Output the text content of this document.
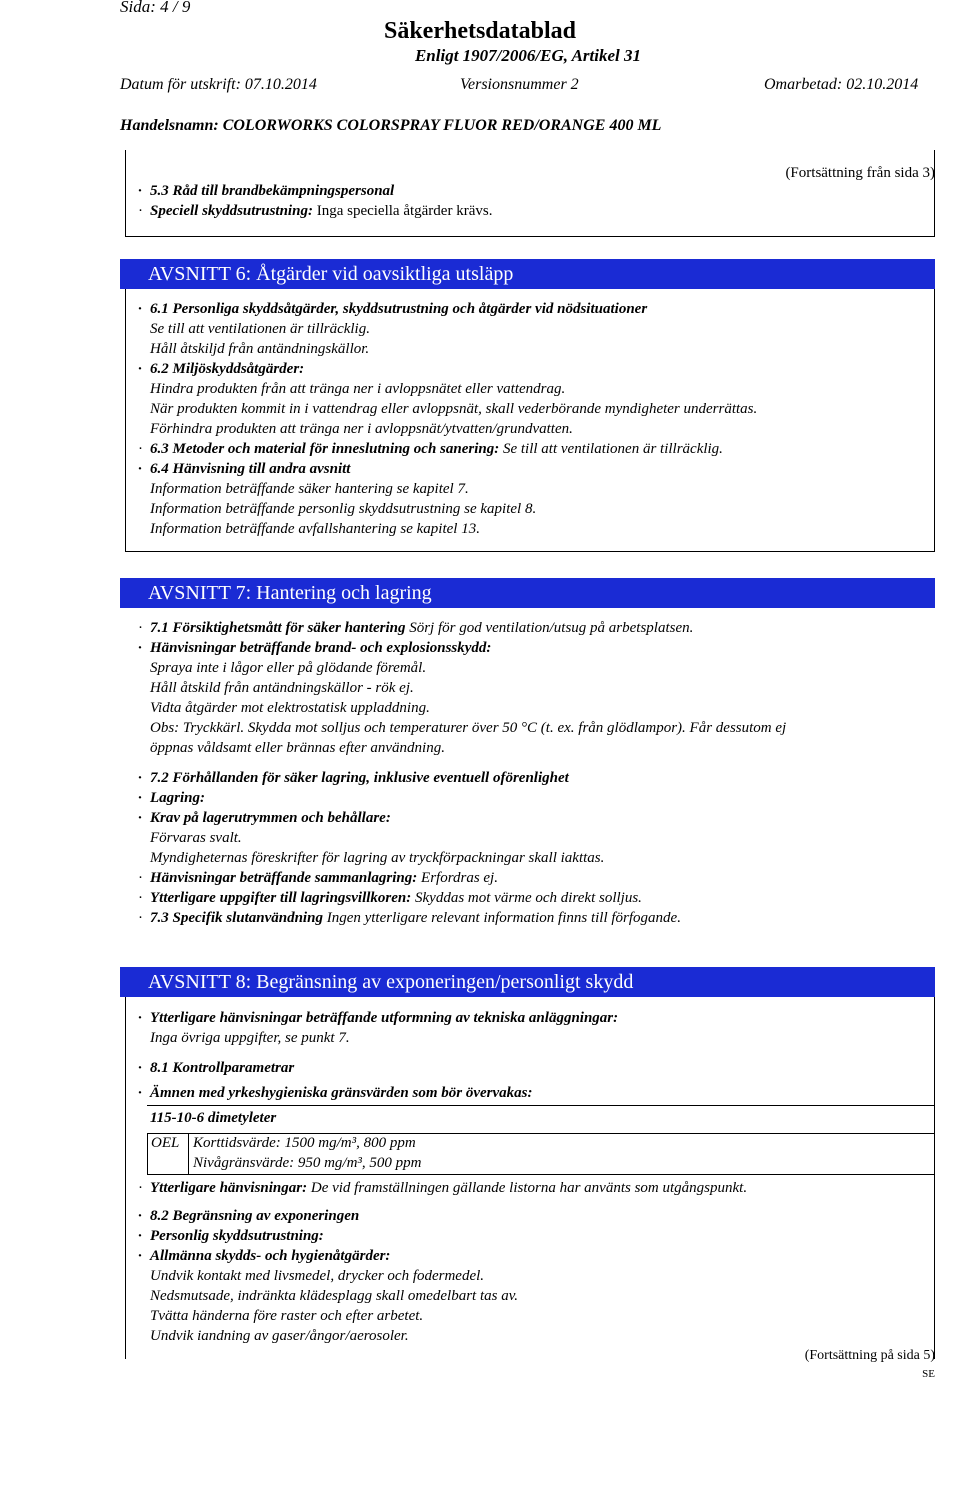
Sida: 4 / 9
Säkerhetsdatablad
Enligt 1907/2006/EG, Artikel 31
Datum för utskrift: 07.10.2014	Versionsnummer 2	Omarbetad: 02.10.2014
Handelsnamn: COLORWORKS COLORSPRAY FLUOR RED/ORANGE 400 ML
(Fortsättning från sida 3)
· 5.3 Råd till brandbekämpningspersonal
· Speciell skyddsutrustning: Inga speciella åtgärder krävs.
AVSNITT 6: Åtgärder vid oavsiktliga utsläpp
· 6.1 Personliga skyddsåtgärder, skyddsutrustning och åtgärder vid nödsituationer
Se till att ventilationen är tillräcklig.
Håll åtskiljd från antändningskällor.
· 6.2 Miljöskyddsåtgärder:
Hindra produkten från att tränga ner i avloppsnätet eller vattendrag.
När produkten kommit in i vattendrag eller avloppsnät, skall vederbörande myndigheter underrättas.
Förhindra produkten att tränga ner i avloppsnät/ytvatten/grundvatten.
· 6.3 Metoder och material för inneslutning och sanering: Se till att ventilationen är tillräcklig.
· 6.4 Hänvisning till andra avsnitt
Information beträffande säker hantering se kapitel 7.
Information beträffande personlig skyddsutrustning se kapitel 8.
Information beträffande avfallshantering se kapitel 13.
AVSNITT 7: Hantering och lagring
· 7.1 Försiktighetsmått för säker hantering Sörj för god ventilation/utsug på arbetsplatsen.
· Hänvisningar beträffande brand- och explosionsskydd:
Spraya inte i lågor eller på glödande föremål.
Håll åtskild från antändningskällor - rök ej.
Vidta åtgärder mot elektrostatisk uppladdning.
Obs: Tryckkärl. Skydda mot solljus och temperaturer över 50 °C (t. ex. från glödlampor). Får dessutom ej
öppnas våldsamt eller brännas efter användning.
· 7.2 Förhållanden för säker lagring, inklusive eventuell oförenlighet
· Lagring:
· Krav på lagerutrymmen och behållare:
Förvaras svalt.
Myndigheternas föreskrifter för lagring av tryckförpackningar skall iakttas.
· Hänvisningar beträffande sammanlagring: Erfordras ej.
· Ytterligare uppgifter till lagringsvillkoren: Skyddas mot värme och direkt solljus.
· 7.3 Specifik slutanvändning Ingen ytterligare relevant information finns till förfogande.
AVSNITT 8: Begränsning av exponeringen/personligt skydd
· Ytterligare hänvisningar beträffande utformning av tekniska anläggningar:
Inga övriga uppgifter, se punkt 7.
· 8.1 Kontrollparametrar
· Ämnen med yrkeshygieniska gränsvärden som bör övervakas:
115-10-6 dimetyleter
OEL Korttidsvärde: 1500 mg/m³, 800 ppm
Nivågränsvärde: 950 mg/m³, 500 ppm
· Ytterligare hänvisningar: De vid framställningen gällande listorna har använts som utgångspunkt.
· 8.2 Begränsning av exponeringen
· Personlig skyddsutrustning:
· Allmänna skydds- och hygienåtgärder:
Undvik kontakt med livsmedel, drycker och fodermedel.
Nedsmutsade, indränkta klädesplagg skall omedelbart tas av.
Tvätta händerna före raster och efter arbetet.
Undvik iandning av gaser/ångor/aerosoler.
(Fortsättning på sida 5)
SE
